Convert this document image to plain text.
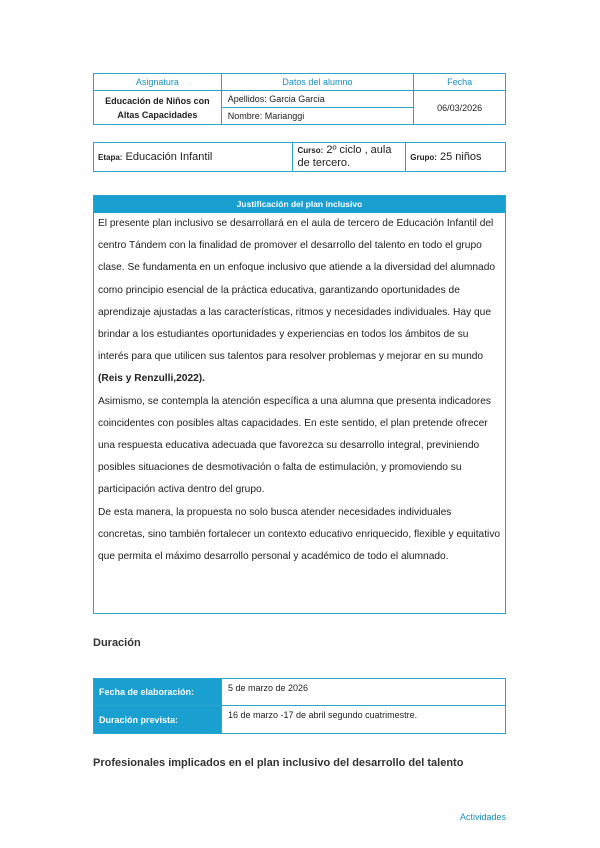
Asignatura	Datos del alumno	Fecha
Educación de Niños con Altas Capacidades	Apellidos: Garcia Garcia	06/03/2026
	Nombre: Marianggi	
Etapa: Educación Infantil	Curso: 2º ciclo , aula de tercero.	Grupo: 25 niños
Justificación del plan inclusivo

El presente plan inclusivo se desarrollará en el aula de tercero de Educación Infantil del centro Tándem con la finalidad de promover el desarrollo del talento en todo el grupo clase. Se fundamenta en un enfoque inclusivo que atiende a la diversidad del alumnado como principio esencial de la práctica educativa, garantizando oportunidades de aprendizaje ajustadas a las características, ritmos y necesidades individuales. Hay que brindar a los estudiantes oportunidades y experiencias en todos los ámbitos de su interés para que utilicen sus talentos para resolver problemas y mejorar en su mundo (Reis y Renzulli,2022).

Asimismo, se contempla la atención específica a una alumna que presenta indicadores coincidentes con posibles altas capacidades. En este sentido, el plan pretende ofrecer una respuesta educativa adecuada que favorezca su desarrollo integral, previniendo posibles situaciones de desmotivación o falta de estimulación, y promoviendo su participación activa dentro del grupo.

De esta manera, la propuesta no solo busca atender necesidades individuales concretas, sino también fortalecer un contexto educativo enriquecido, flexible y equitativo que permita el máximo desarrollo personal y académico de todo el alumnado.

Duración
Fecha de elaboración:	5 de marzo de 2026
Duración prevista:	16 de marzo -17 de abril segundo cuatrimestre.
Profesionales implicados en el plan inclusivo del desarrollo del talento
Actividades
